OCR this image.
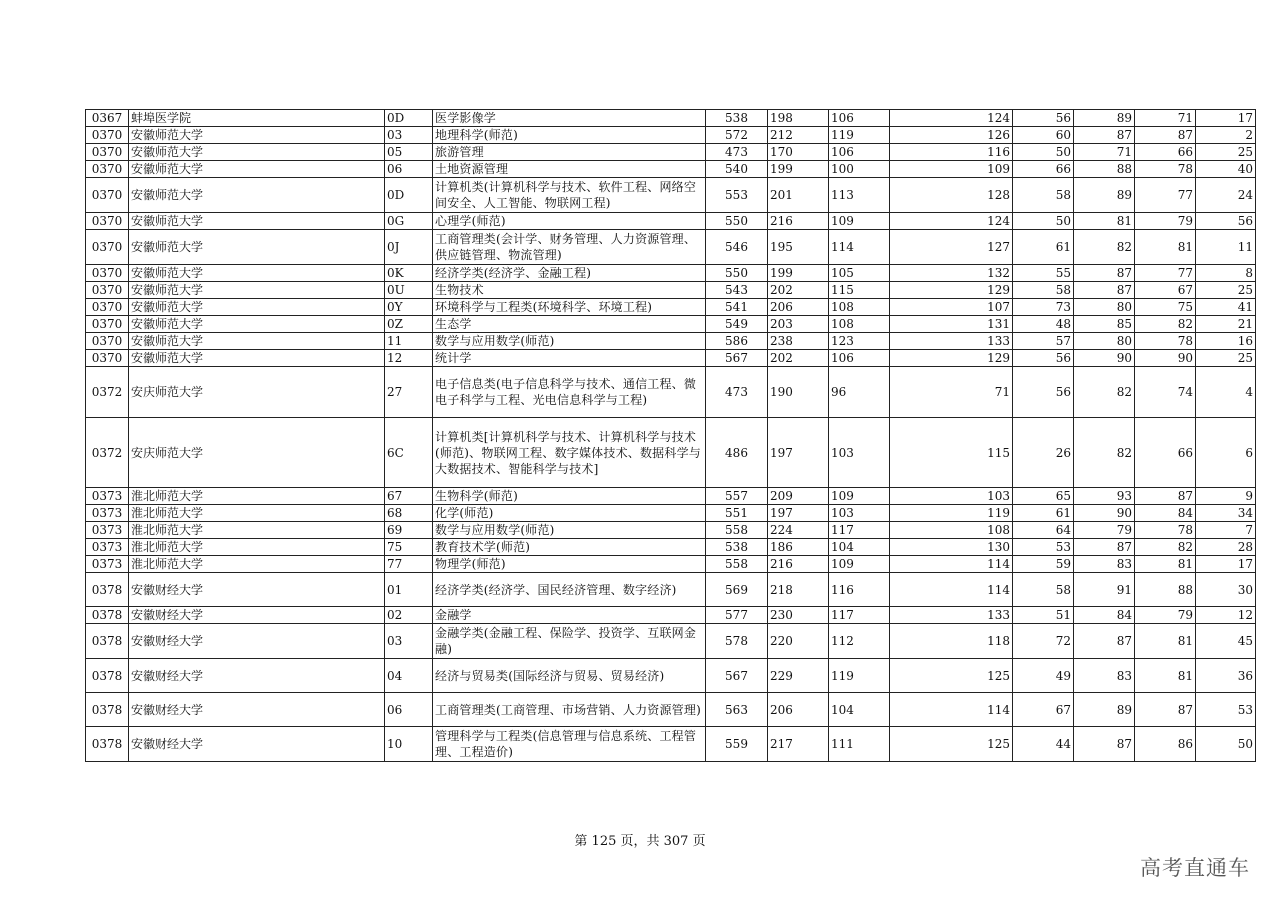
0367	蚌埠医学院	0D	医学影像学	538	198	106	124	56	89	71	17
0370	安徽师范大学	03	地理科学(师范)	572	212	119	126	60	87	87	2
0370	安徽师范大学	05	旅游管理	473	170	106	116	50	71	66	25
0370	安徽师范大学	06	土地资源管理	540	199	100	109	66	88	78	40
0370	安徽师范大学	0D	计算机类(计算机科学与技术、软件工程、网络空间安全、人工智能、物联网工程)	553	201	113	128	58	89	77	24
0370	安徽师范大学	0G	心理学(师范)	550	216	109	124	50	81	79	56
0370	安徽师范大学	0J	工商管理类(会计学、财务管理、人力资源管理、供应链管理、物流管理)	546	195	114	127	61	82	81	11
0370	安徽师范大学	0K	经济学类(经济学、金融工程)	550	199	105	132	55	87	77	8
0370	安徽师范大学	0U	生物技术	543	202	115	129	58	87	67	25
0370	安徽师范大学	0Y	环境科学与工程类(环境科学、环境工程)	541	206	108	107	73	80	75	41
0370	安徽师范大学	0Z	生态学	549	203	108	131	48	85	82	21
0370	安徽师范大学	11	数学与应用数学(师范)	586	238	123	133	57	80	78	16
0370	安徽师范大学	12	统计学	567	202	106	129	56	90	90	25
0372	安庆师范大学	27	电子信息类(电子信息科学与技术、通信工程、微电子科学与工程、光电信息科学与工程)	473	190	96	71	56	82	74	4
0372	安庆师范大学	6C	计算机类[计算机科学与技术、计算机科学与技术(师范)、物联网工程、数字媒体技术、数据科学与大数据技术、智能科学与技术]	486	197	103	115	26	82	66	6
0373	淮北师范大学	67	生物科学(师范)	557	209	109	103	65	93	87	9
0373	淮北师范大学	68	化学(师范)	551	197	103	119	61	90	84	34
0373	淮北师范大学	69	数学与应用数学(师范)	558	224	117	108	64	79	78	7
0373	淮北师范大学	75	教育技术学(师范)	538	186	104	130	53	87	82	28
0373	淮北师范大学	77	物理学(师范)	558	216	109	114	59	83	81	17
0378	安徽财经大学	01	经济学类(经济学、国民经济管理、数字经济)	569	218	116	114	58	91	88	30
0378	安徽财经大学	02	金融学	577	230	117	133	51	84	79	12
0378	安徽财经大学	03	金融学类(金融工程、保险学、投资学、互联网金融)	578	220	112	118	72	87	81	45
0378	安徽财经大学	04	经济与贸易类(国际经济与贸易、贸易经济)	567	229	119	125	49	83	81	36
0378	安徽财经大学	06	工商管理类(工商管理、市场营销、人力资源管理)	563	206	104	114	67	89	87	53
0378	安徽财经大学	10	管理科学与工程类(信息管理与信息系统、工程管理、工程造价)	559	217	111	125	44	87	86	50
第 125 页，共 307 页
高考直通车
